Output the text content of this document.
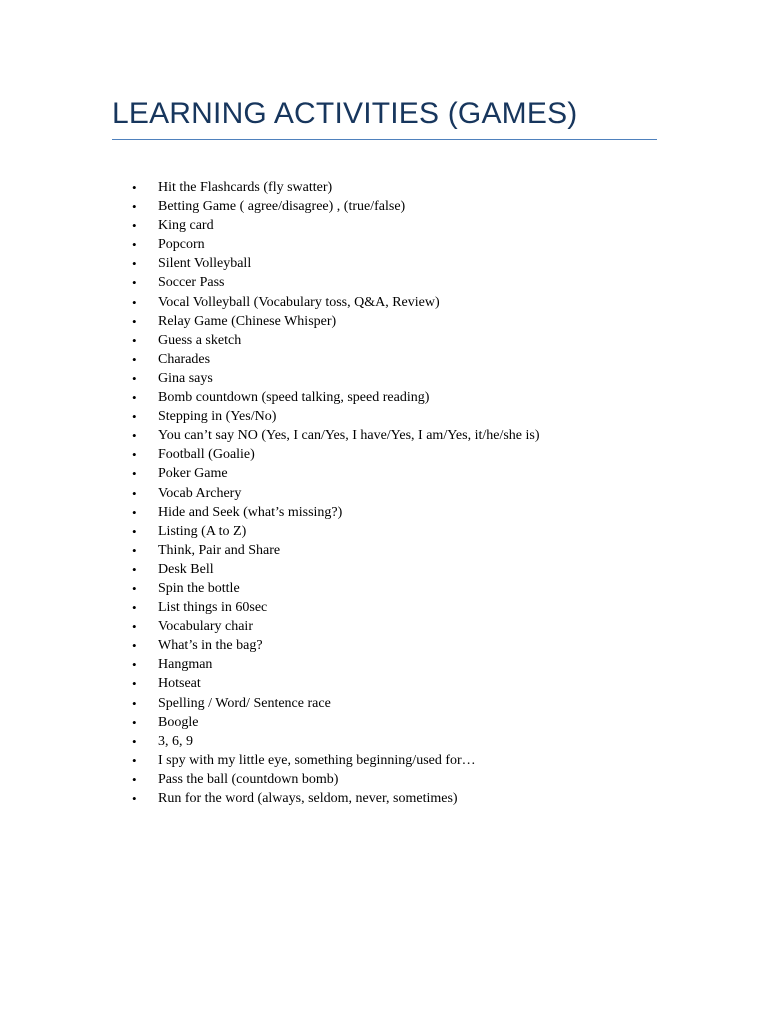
LEARNING ACTIVITIES (GAMES)
•	Hit the Flashcards (fly swatter)
•	Betting Game ( agree/disagree) , (true/false)
•	King card
•	Popcorn
•	Silent Volleyball
•	Soccer Pass
•	Vocal Volleyball (Vocabulary toss, Q&A, Review)
•	Relay Game (Chinese Whisper)
•	Guess a sketch
•	Charades
•	Gina says
•	Bomb countdown (speed talking, speed reading)
•	Stepping in (Yes/No)
•	You can’t say NO (Yes, I can/Yes, I have/Yes, I am/Yes, it/he/she is)
•	Football (Goalie)
•	Poker Game
•	Vocab Archery
•	Hide and Seek (what’s missing?)
•	Listing (A to Z)
•	Think, Pair and Share
•	Desk Bell
•	Spin the bottle
•	List things in 60sec
•	Vocabulary chair
•	What’s in the bag?
•	Hangman
•	Hotseat
•	Spelling / Word/ Sentence race
•	Boogle
•	3, 6, 9
•	I spy with my little eye, something beginning/used for…
•	Pass the ball (countdown bomb)
•	Run for the word (always, seldom, never, sometimes)
